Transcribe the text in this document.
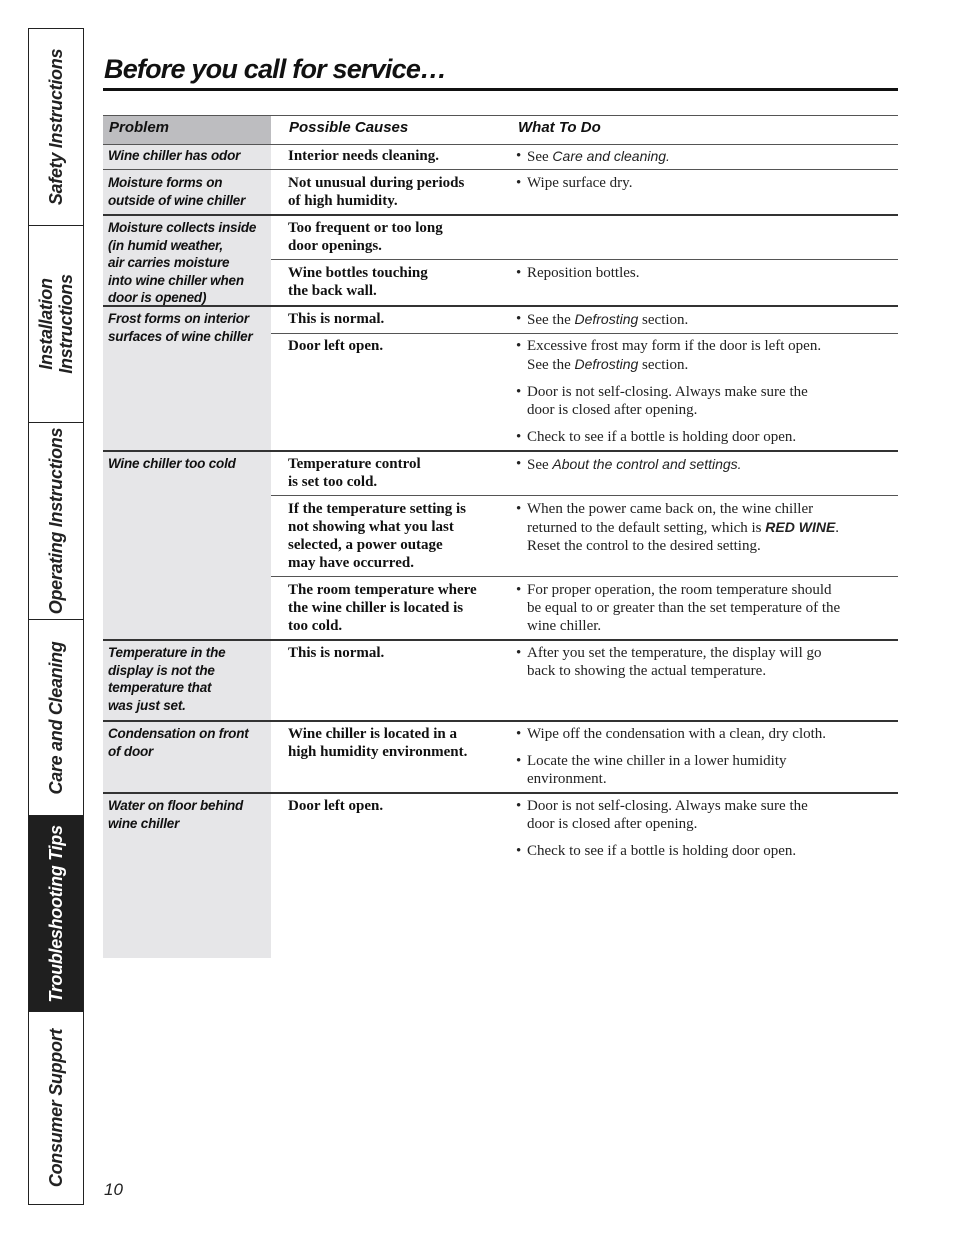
Safety Instructions
Installation Instructions
Operating Instructions
Care and Cleaning
Troubleshooting Tips
Consumer Support
Before you call for service…
Problem	Possible Causes	What To Do
Wine chiller has odor
Moisture forms on
outside of wine chiller
Moisture collects inside
(in humid weather,
air carries moisture
into wine chiller when
door is opened)
Frost forms on interior
surfaces of wine chiller
Wine chiller too cold
Temperature in the
display is not the
temperature that
was just set.
Condensation on front
of door
Water on floor behind
wine chiller
Interior needs cleaning.
Not unusual during periods
of high humidity.
Too frequent or too long
door openings.
Wine bottles touching
the back wall.
This is normal.
Door left open.
Temperature control
is set too cold.
If the temperature setting is
not showing what you last
selected, a power outage
may have occurred.
The room temperature where
the wine chiller is located is
too cold.
This is normal.
Wine chiller is located in a
high humidity environment.
Door left open.
• See Care and cleaning.
• Wipe surface dry.
• Reposition bottles.
• See the Defrosting section.
• Excessive frost may form if the door is left open.
See the Defrosting section.
• Door is not self-closing. Always make sure the
door is closed after opening.
• Check to see if a bottle is holding door open.
• See About the control and settings.
• When the power came back on, the wine chiller
returned to the default setting, which is RED WINE.
Reset the control to the desired setting.
• For proper operation, the room temperature should
be equal to or greater than the set temperature of the
wine chiller.
• After you set the temperature, the display will go
back to showing the actual temperature.
• Wipe off the condensation with a clean, dry cloth.
• Locate the wine chiller in a lower humidity
environment.
• Door is not self-closing. Always make sure the
door is closed after opening.
• Check to see if a bottle is holding door open.
10
